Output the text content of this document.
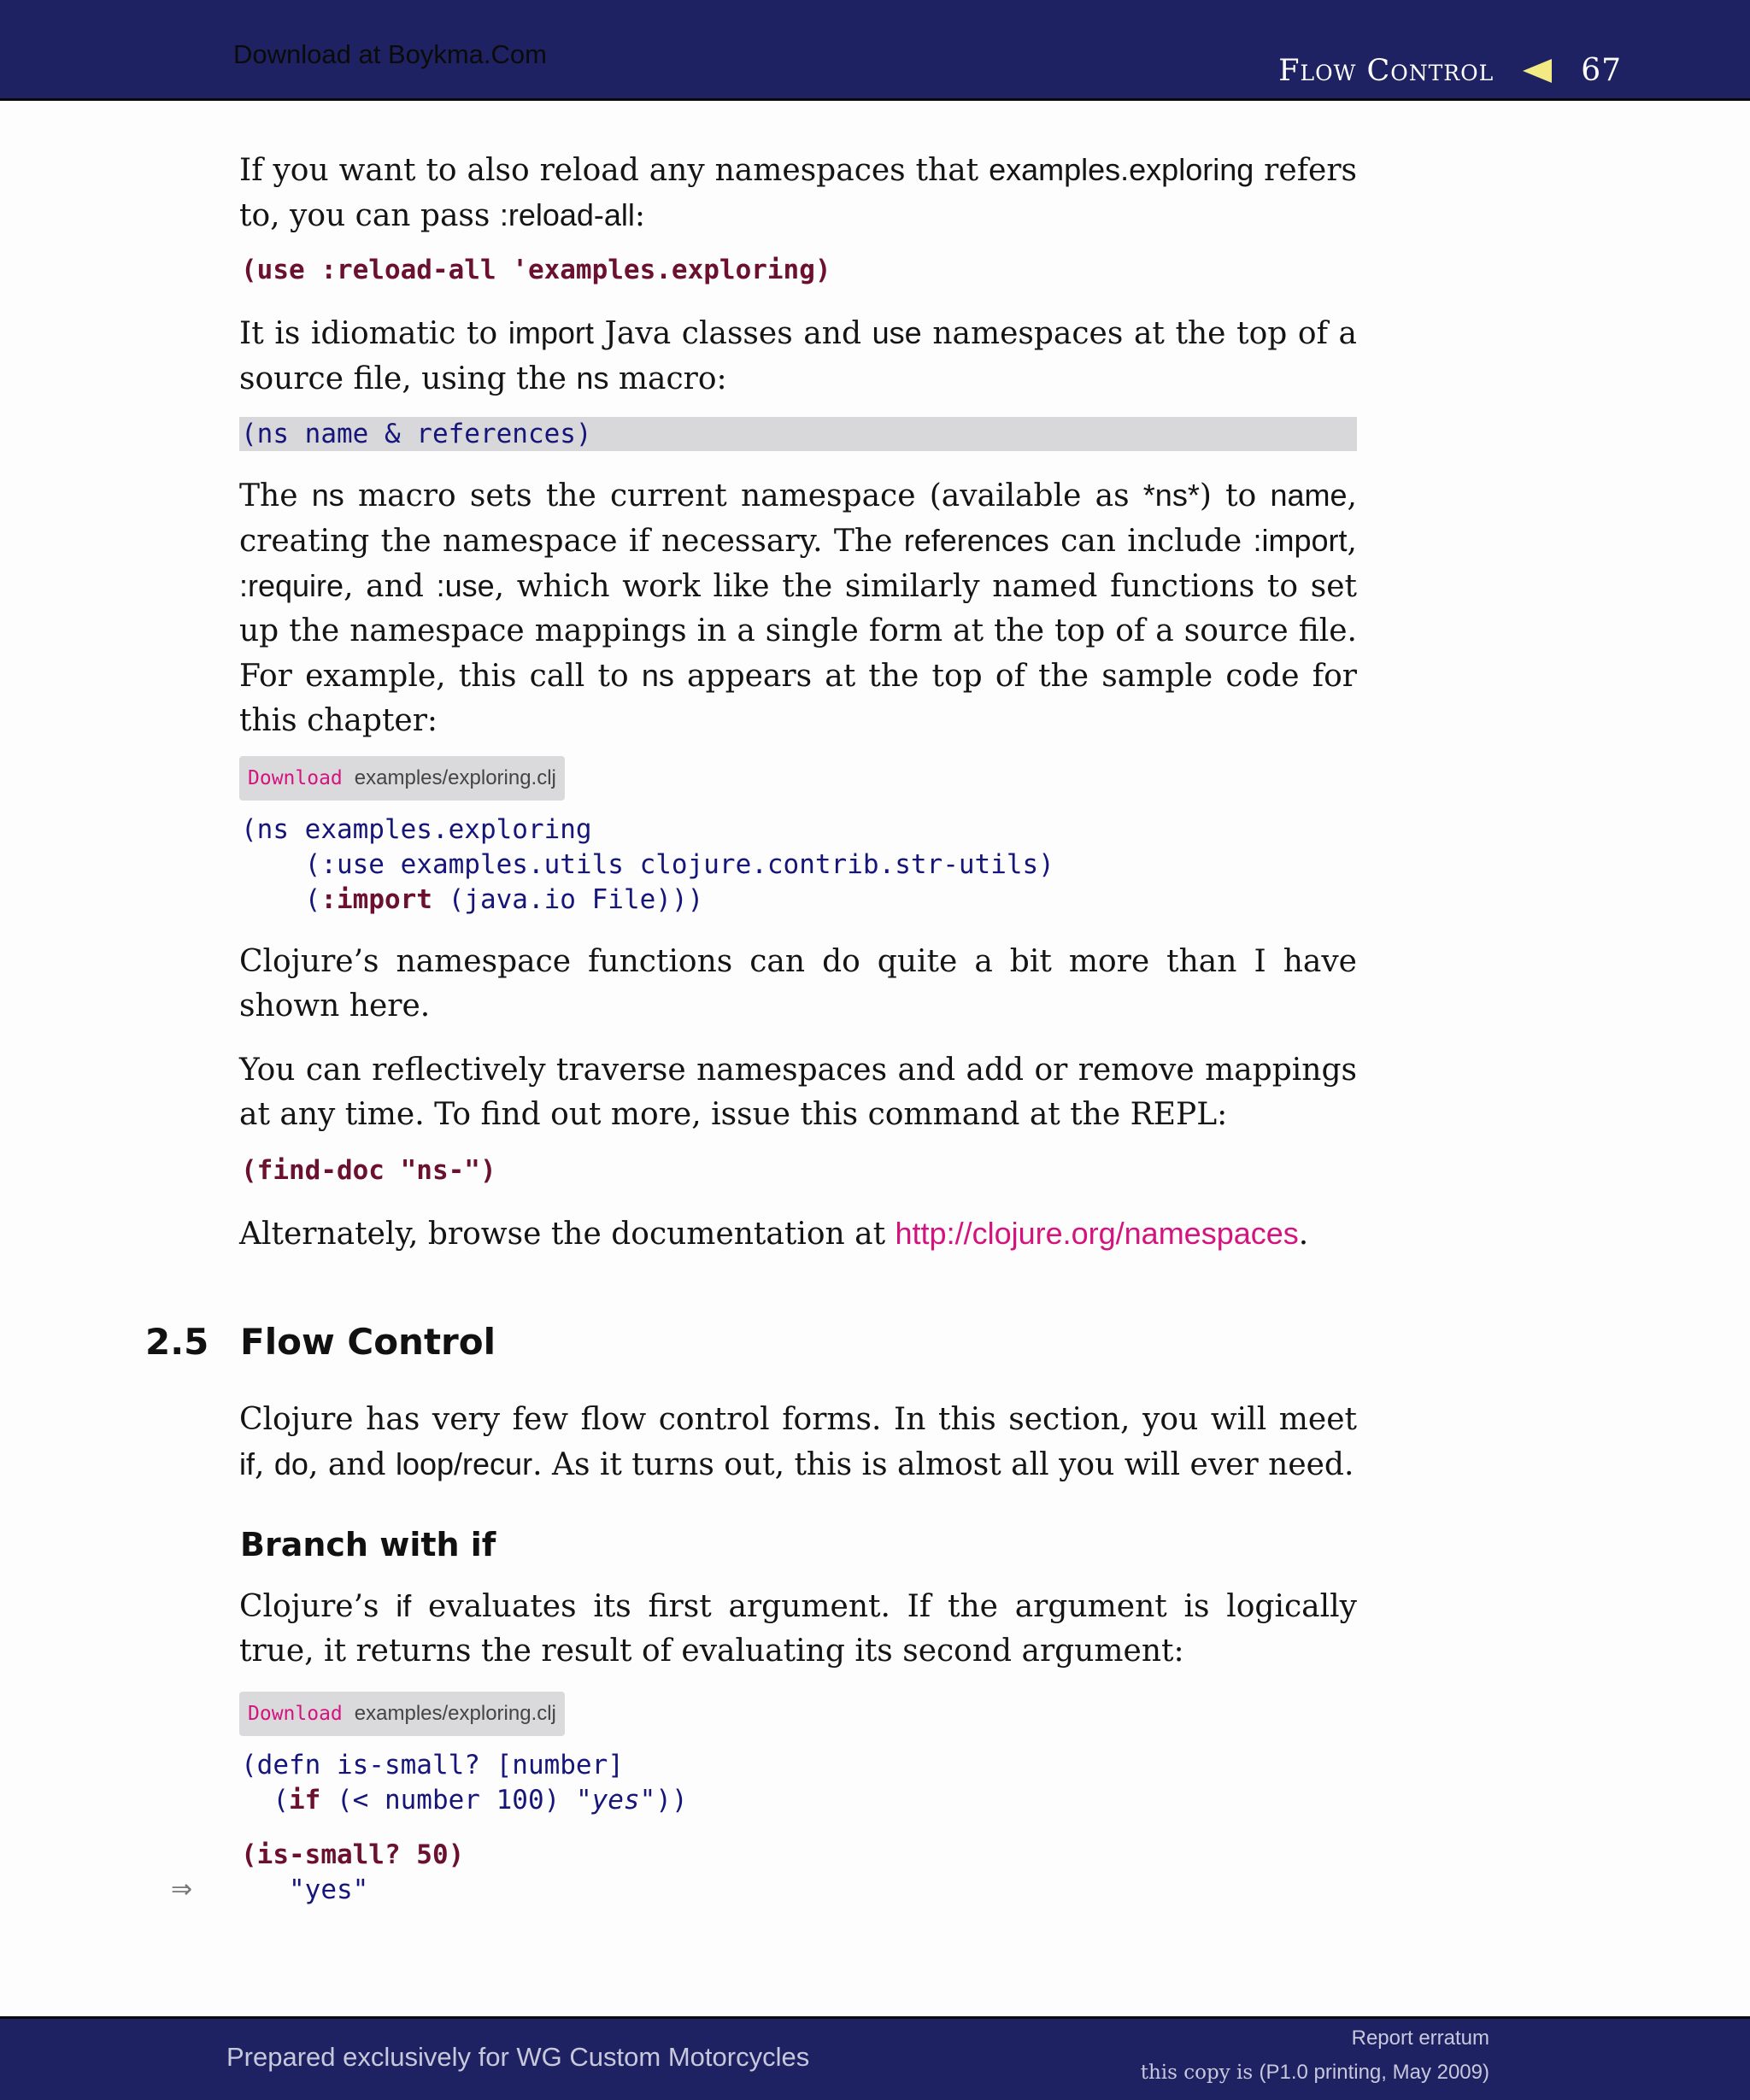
Download at Boykma.Com	Flow Control	67

If you want to also reload any namespaces that examples.exploring refers to, you can pass :reload-all:

(use :reload-all 'examples.exploring)

It is idiomatic to import Java classes and use namespaces at the top of a source file, using the ns macro:

(ns name & references)

The ns macro sets the current namespace (available as *ns*) to name, creating the namespace if necessary. The references can include :import, :require, and :use, which work like the similarly named functions to set up the namespace mappings in a single form at the top of a source file. For example, this call to ns appears at the top of the sample code for this chapter:

Download examples/exploring.clj
(ns examples.exploring
(:use examples.utils clojure.contrib.str-utils)
(:import (java.io File)))

Clojure’s namespace functions can do quite a bit more than I have shown here.

You can reflectively traverse namespaces and add or remove mappings at any time. To find out more, issue this command at the REPL:

(find-doc "ns-")

Alternately, browse the documentation at http://clojure.org/namespaces.

2.5 Flow Control

Clojure has very few flow control forms. In this section, you will meet if, do, and loop/recur. As it turns out, this is almost all you will ever need.

Branch with if

Clojure’s if evaluates its first argument. If the argument is logically true, it returns the result of evaluating its second argument:

Download examples/exploring.clj
(defn is-small? [number]
(if (< number 100) "yes"))
(is-small? 50)
⇒ "yes"
Prepared exclusively for WG Custom Motorcycles
Report erratum
this copy is (P1.0 printing, May 2009)
